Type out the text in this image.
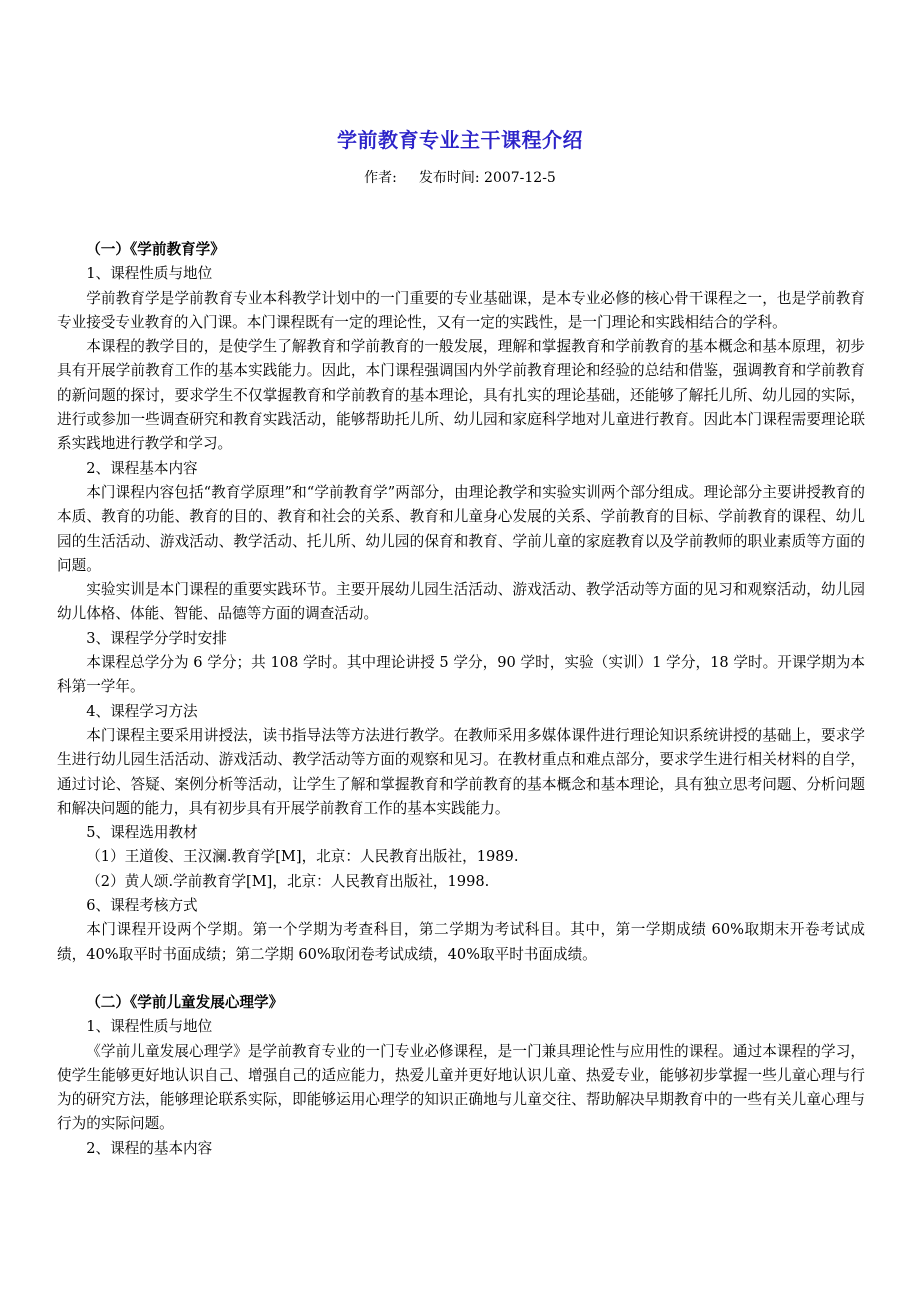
学前教育专业主干课程介绍
作者: 发布时间: 2007-12-5

（一）《学前教育学》

1、课程性质与地位

学前教育学是学前教育专业本科教学计划中的一门重要的专业基础课，是本专业必修的核心骨干课程之一，也是学前教育专业接受专业教育的入门课。本门课程既有一定的理论性，又有一定的实践性，是一门理论和实践相结合的学科。

本课程的教学目的，是使学生了解教育和学前教育的一般发展，理解和掌握教育和学前教育的基本概念和基本原理，初步具有开展学前教育工作的基本实践能力。因此，本门课程强调国内外学前教育理论和经验的总结和借鉴，强调教育和学前教育的新问题的探讨，要求学生不仅掌握教育和学前教育的基本理论，具有扎实的理论基础，还能够了解托儿所、幼儿园的实际，进行或参加一些调查研究和教育实践活动，能够帮助托儿所、幼儿园和家庭科学地对儿童进行教育。因此本门课程需要理论联系实践地进行教学和学习。

2、课程基本内容

本门课程内容包括“教育学原理”和“学前教育学”两部分，由理论教学和实验实训两个部分组成。理论部分主要讲授教育的本质、教育的功能、教育的目的、教育和社会的关系、教育和儿童身心发展的关系、学前教育的目标、学前教育的课程、幼儿园的生活活动、游戏活动、教学活动、托儿所、幼儿园的保育和教育、学前儿童的家庭教育以及学前教师的职业素质等方面的问题。

实验实训是本门课程的重要实践环节。主要开展幼儿园生活活动、游戏活动、教学活动等方面的见习和观察活动，幼儿园幼儿体格、体能、智能、品德等方面的调查活动。

3、课程学分学时安排

本课程总学分为 6 学分；共 108 学时。其中理论讲授 5 学分，90 学时，实验（实训）1 学分，18 学时。开课学期为本科第一学年。

4、课程学习方法

本门课程主要采用讲授法，读书指导法等方法进行教学。在教师采用多媒体课件进行理论知识系统讲授的基础上，要求学生进行幼儿园生活活动、游戏活动、教学活动等方面的观察和见习。在教材重点和难点部分，要求学生进行相关材料的自学，通过讨论、答疑、案例分析等活动，让学生了解和掌握教育和学前教育的基本概念和基本理论，具有独立思考问题、分析问题和解决问题的能力，具有初步具有开展学前教育工作的基本实践能力。

5、课程选用教材

（1）王道俊、王汉澜.教育学[M]，北京：人民教育出版社，1989.

（2）黄人颂.学前教育学[M]，北京：人民教育出版社，1998.

6、课程考核方式

本门课程开设两个学期。第一个学期为考查科目，第二学期为考试科目。其中，第一学期成绩 60%取期末开卷考试成绩，40%取平时书面成绩；第二学期 60%取闭卷考试成绩，40%取平时书面成绩。

（二）《学前儿童发展心理学》

1、课程性质与地位

《学前儿童发展心理学》是学前教育专业的一门专业必修课程，是一门兼具理论性与应用性的课程。通过本课程的学习，使学生能够更好地认识自己、增强自己的适应能力，热爱儿童并更好地认识儿童、热爱专业，能够初步掌握一些儿童心理与行为的研究方法，能够理论联系实际，即能够运用心理学的知识正确地与儿童交往、帮助解决早期教育中的一些有关儿童心理与行为的实际问题。

2、课程的基本内容
